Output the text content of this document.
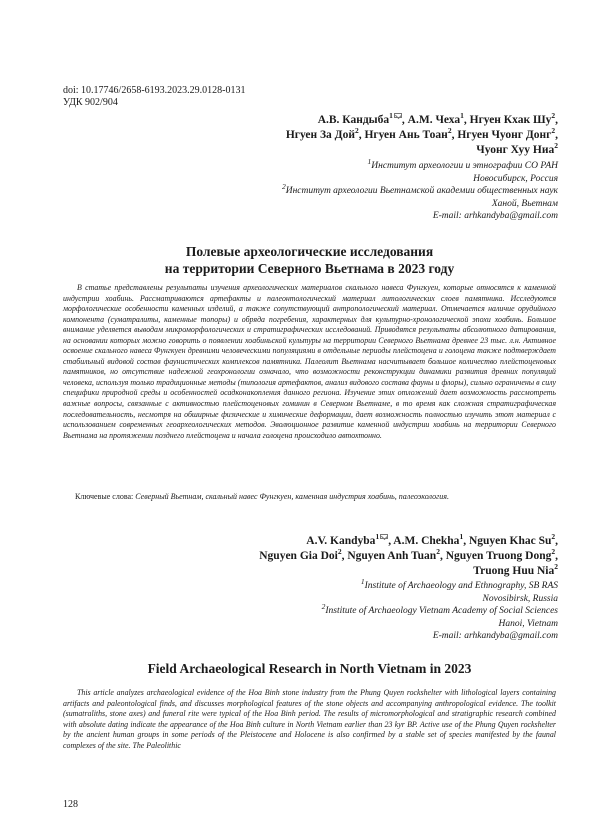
doi: 10.17746/2658-6193.2023.29.0128-0131
УДК 902/904
А.В. Кандыба$^1$ , А.М. Чеха$^1$, Нгуен Кхак $Шу^2$,
Нгуен За Дой$^2$, Нгуен Ань Тоан$^2$, Нгуен Чуонг Донг$^2$,
Чуонг Хуу Ниа$^2$
$^1$Институт археологии и этнографии СО РАН
Новосибирск, Россия
$^2$Институт археологии Вьетнамской академии общественных наук
Ханой, Вьетнам
E-mail: arhkandyba@gmail.com
Полевые археологические исследования
на территории Северного Вьетнама в 2023 году

В статье представлены результаты изучения археологических материалов скального навеса Фунгкуен, которые относятся к каменной индустрии хоабинь. Рассматриваются артефакты и палеонтологический материал литологических слоев памятника. Исследуются морфологические особенности каменных изделий, а также сопутствующий антропологический материал. Отмечается наличие орудийного компонента (суматралиты, каменные топоры) и обряда погребения, характерных для культурно-хронологической эпохи хоабинь. Большое внимание уделяется выводам микроморфологических и стратиграфических исследований. Приводятся результаты абсолютного датирования, на основании которых можно говорить о появлении хоабиньской культуры на территории Северного Вьетнама древнее 23 тыс. л.н. Активное освоение скального навеса Фунгкуен древними человеческими популяциями в отдельные периоды плейстоцена и голоцена также подтверждает стабильный видовой состав фаунистических комплексов памятника. Палеолит Вьетнама насчитывает большое количество плейстоценовых памятников, но отсутствие надежной геохронологии означало, что возможности реконструкции динамики развития древних популяций человека, используя только традиционные методы (типология артефактов, анализ видового состава фауны и флоры), сильно ограничены в силу специфики природной среды и особенностей осадконакопления данного региона. Изучение этих отложений дает возможность рассмотреть важные вопросы, связанные с активностью плейстоценовых гоминин в Северном Вьетнаме, в то время как сложная стратиграфическая последовательность, несмотря на обширные физические и химические деформации, дает возможность полностью изучить этот материал с использованием современных геоархеологических методов. Эволюционное развитие каменной индустрии хоабинь на территории Северного Вьетнама на протяжении позднего плейстоцена и начала голоцена происходило автохтонно.

Ключевые слова: Северный Вьетнам, скальный навес Фунгкуен, каменная индустрия хоабинь, палеоэкология.
A.V. Kandyba$^1$ , A.M. Chekha$^1$, Nguyen Khac Su$^2$,
Nguyen Gia Doi$^2$, Nguyen Anh Tuan$^2$, Nguyen Truong Dong$^2$,
Truong Huu Nia$^2$
$^1$Institute of Archaeology and Ethnography, SB RAS
Novosibirsk, Russia
$^2$Institute of Archaeology Vietnam Academy of Social Sciences
Hanoi, Vietnam
E-mail: arhkandyba@gmail.com
Field Archaeological Research in North Vietnam in 2023

This article analyzes archaeological evidence of the Hoa Binh stone industry from the Phung Quyen rockshelter with lithological layers containing artifacts and paleontological finds, and discusses morphological features of the stone objects and accompanying anthropological evidence. The toolkit (sumatraliths, stone axes) and funeral rite were typical of the Hoa Binh period. The results of micromorphological and stratigraphic research combined with absolute dating indicate the appearance of the Hoa Binh culture in North Vietnam earlier than 23 kyr BP. Active use of the Phung Quyen rockshelter by the ancient human groups in some periods of the Pleistocene and Holocene is also confirmed by a stable set of species manifested by the faunal complexes of the site. The Paleolithic

128
